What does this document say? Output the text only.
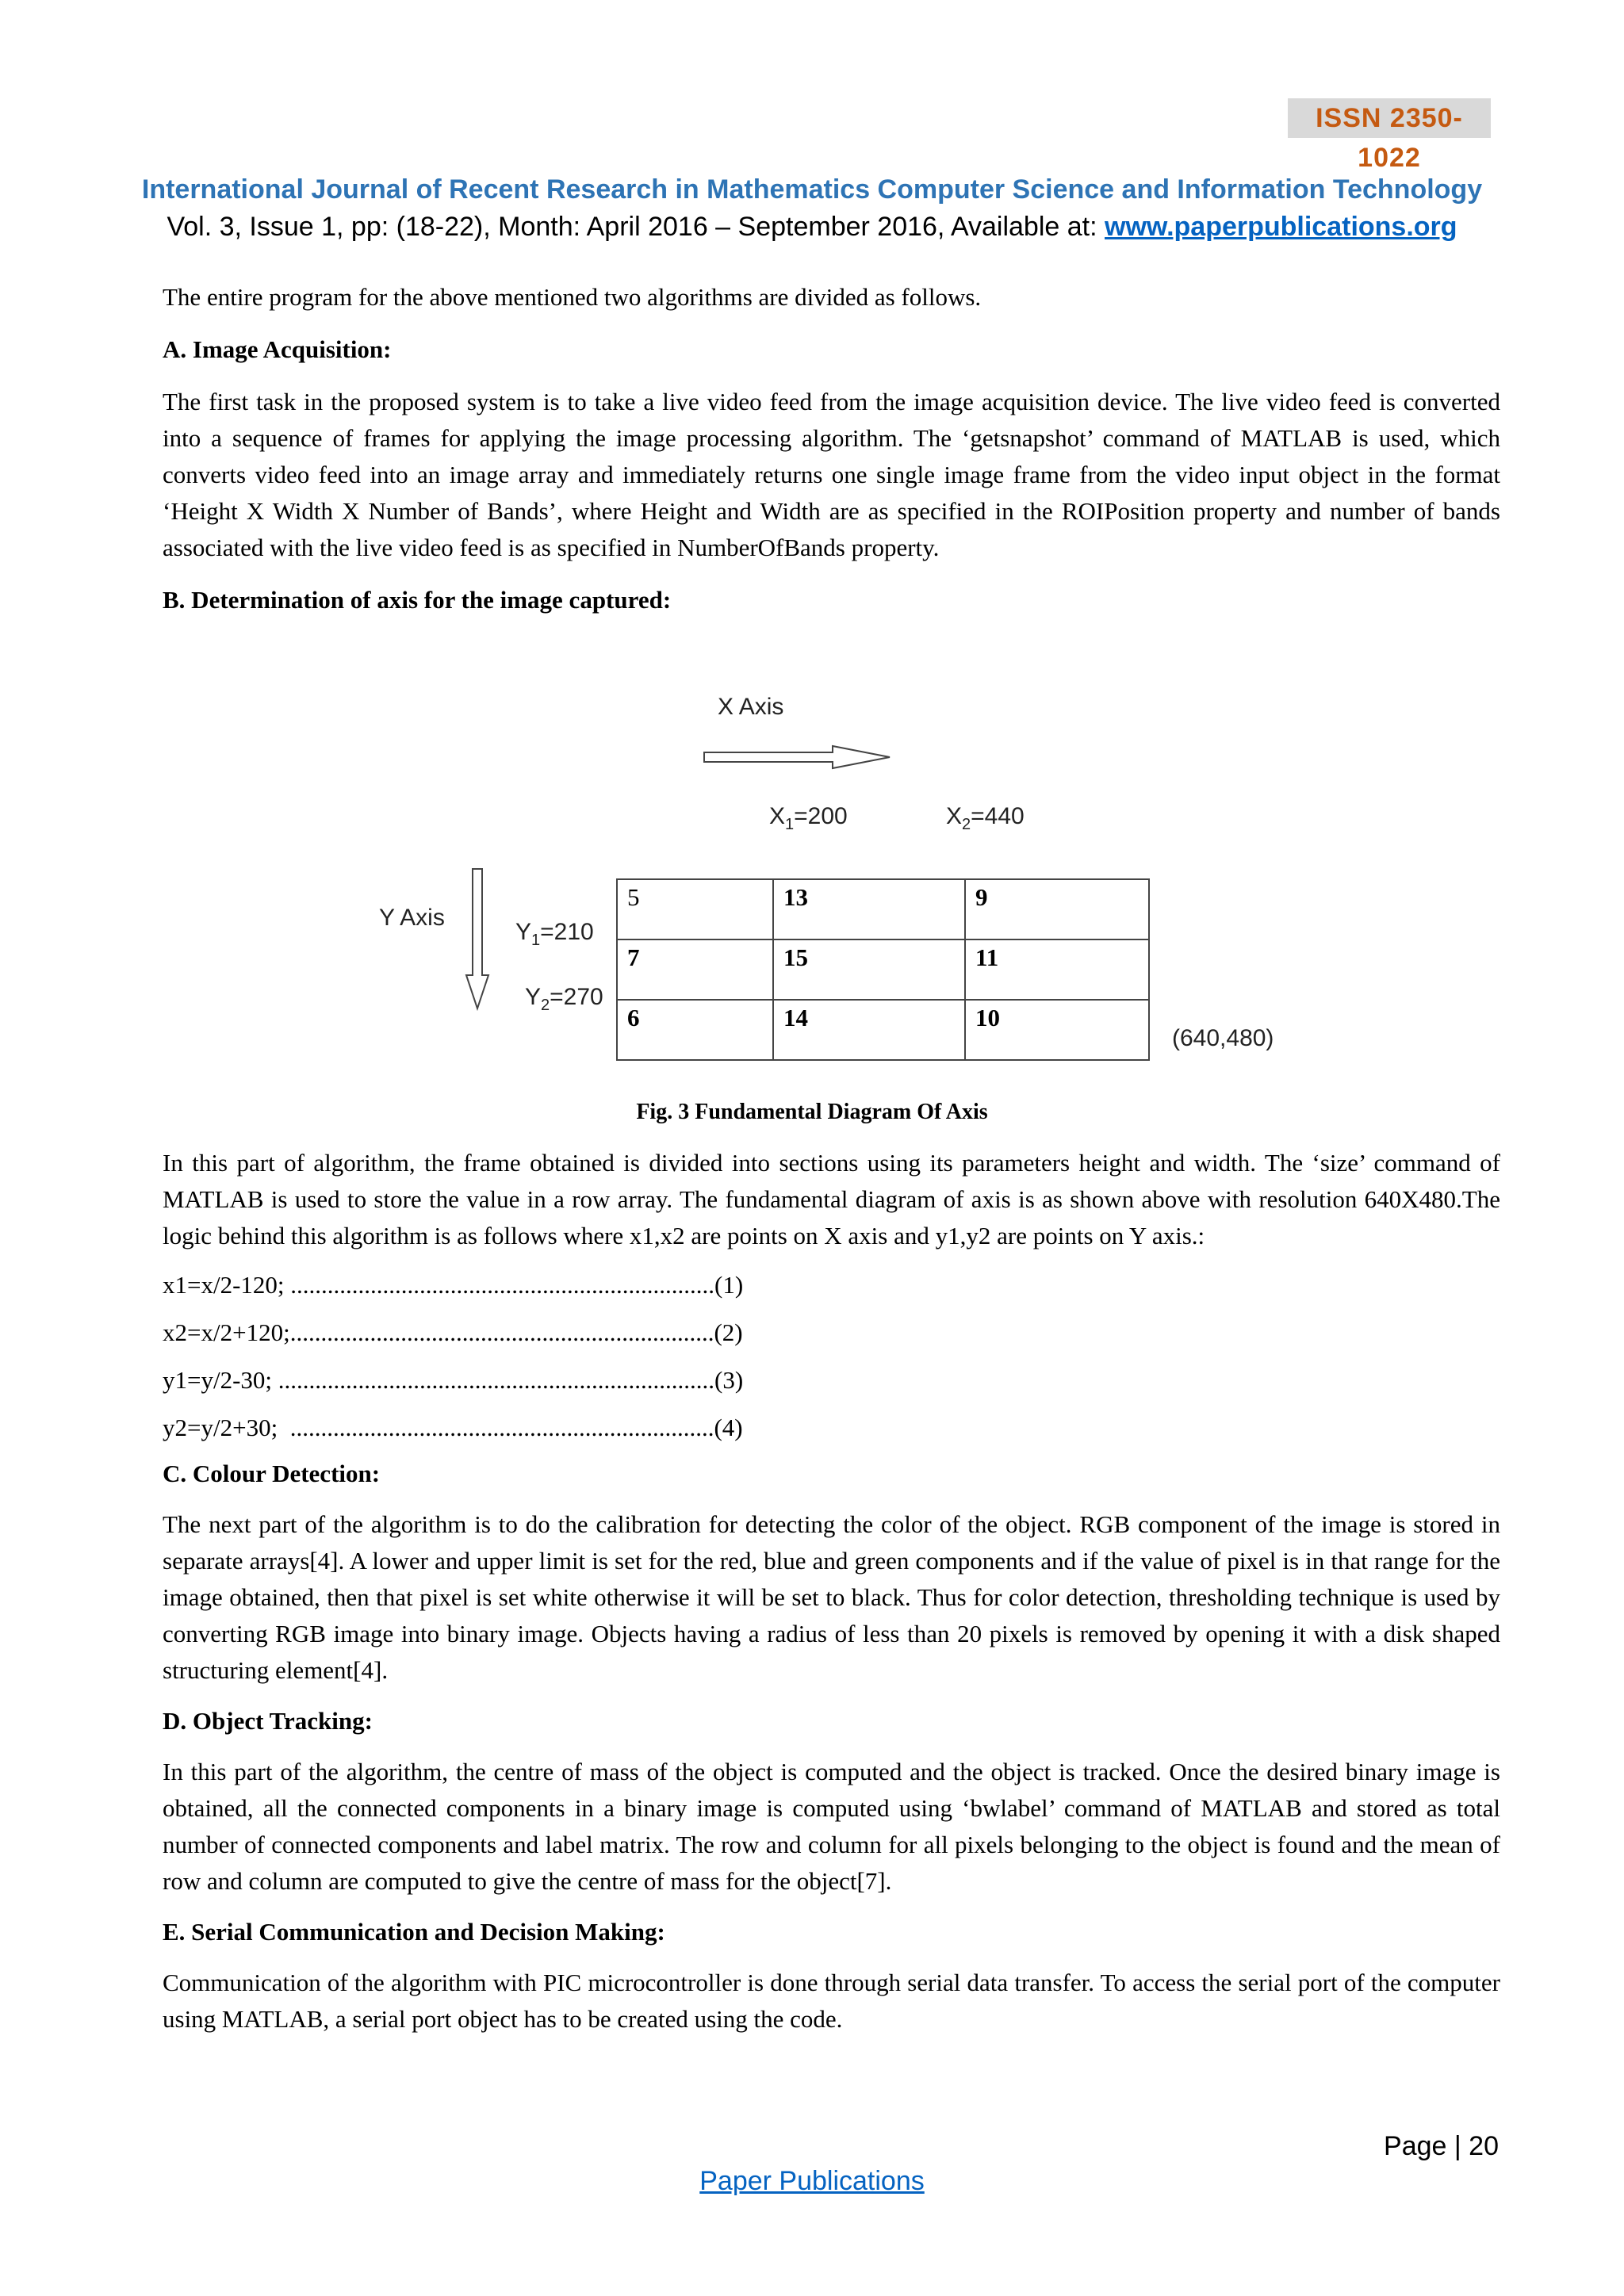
ISSN 2350-1022
International Journal of Recent Research in Mathematics Computer Science and Information Technology
Vol. 3, Issue 1, pp: (18-22), Month: April 2016 – September 2016, Available at: www.paperpublications.org

The entire program for the above mentioned two algorithms are divided as follows.

A. Image Acquisition:

The first task in the proposed system is to take a live video feed from the image acquisition device. The live video feed is converted into a sequence of frames for applying the image processing algorithm. The ‘getsnapshot’ command of MATLAB is used, which converts video feed into an image array and immediately returns one single image frame from the video input object in the format ‘Height X Width X Number of Bands’, where Height and Width are as specified in the ROIPosition property and number of bands associated with the live video feed is as specified in NumberOfBands property.

B. Determination of axis for the image captured:

X Axis
$X_1=200$	$X_2=440$
Y Axis
$Y_1=210$
$Y_2=270$
5	13	9
7	15	11
6	14	10
(640,480)
Fig. 3 Fundamental Diagram Of Axis

In this part of algorithm, the frame obtained is divided into sections using its parameters height and width. The ‘size’ command of MATLAB is used to store the value in a row array. The fundamental diagram of axis is as shown above with resolution 640X480.The logic behind this algorithm is as follows where x1,x2 are points on X axis and y1,y2 are points on Y axis.:

x1=x/2-120; .....................................................................(1)

x2=x/2+120;.....................................................................(2)

y1=y/2-30; .......................................................................(3)

y2=y/2+30;  .....................................................................(4)

C. Colour Detection:

The next part of the algorithm is to do the calibration for detecting the color of the object. RGB component of the image is stored in separate arrays[4]. A lower and upper limit is set for the red, blue and green components and if the value of pixel is in that range for the image obtained, then that pixel is set white otherwise it will be set to black. Thus for color detection, thresholding technique is used by converting RGB image into binary image. Objects having a radius of less than 20 pixels is removed by opening it with a disk shaped structuring element[4].

D. Object Tracking:

In this part of the algorithm, the centre of mass of the object is computed and the object is tracked. Once the desired binary image is obtained, all the connected components in a binary image is computed using ‘bwlabel’ command of MATLAB and stored as total number of connected components and label matrix. The row and column for all pixels belonging to the object is found and the mean of row and column are computed to give the centre of mass for the object[7].

E. Serial Communication and Decision Making:

Communication of the algorithm with PIC microcontroller is done through serial data transfer. To access the serial port of the computer using MATLAB, a serial port object has to be created using the code.

Page | 20
Paper Publications
